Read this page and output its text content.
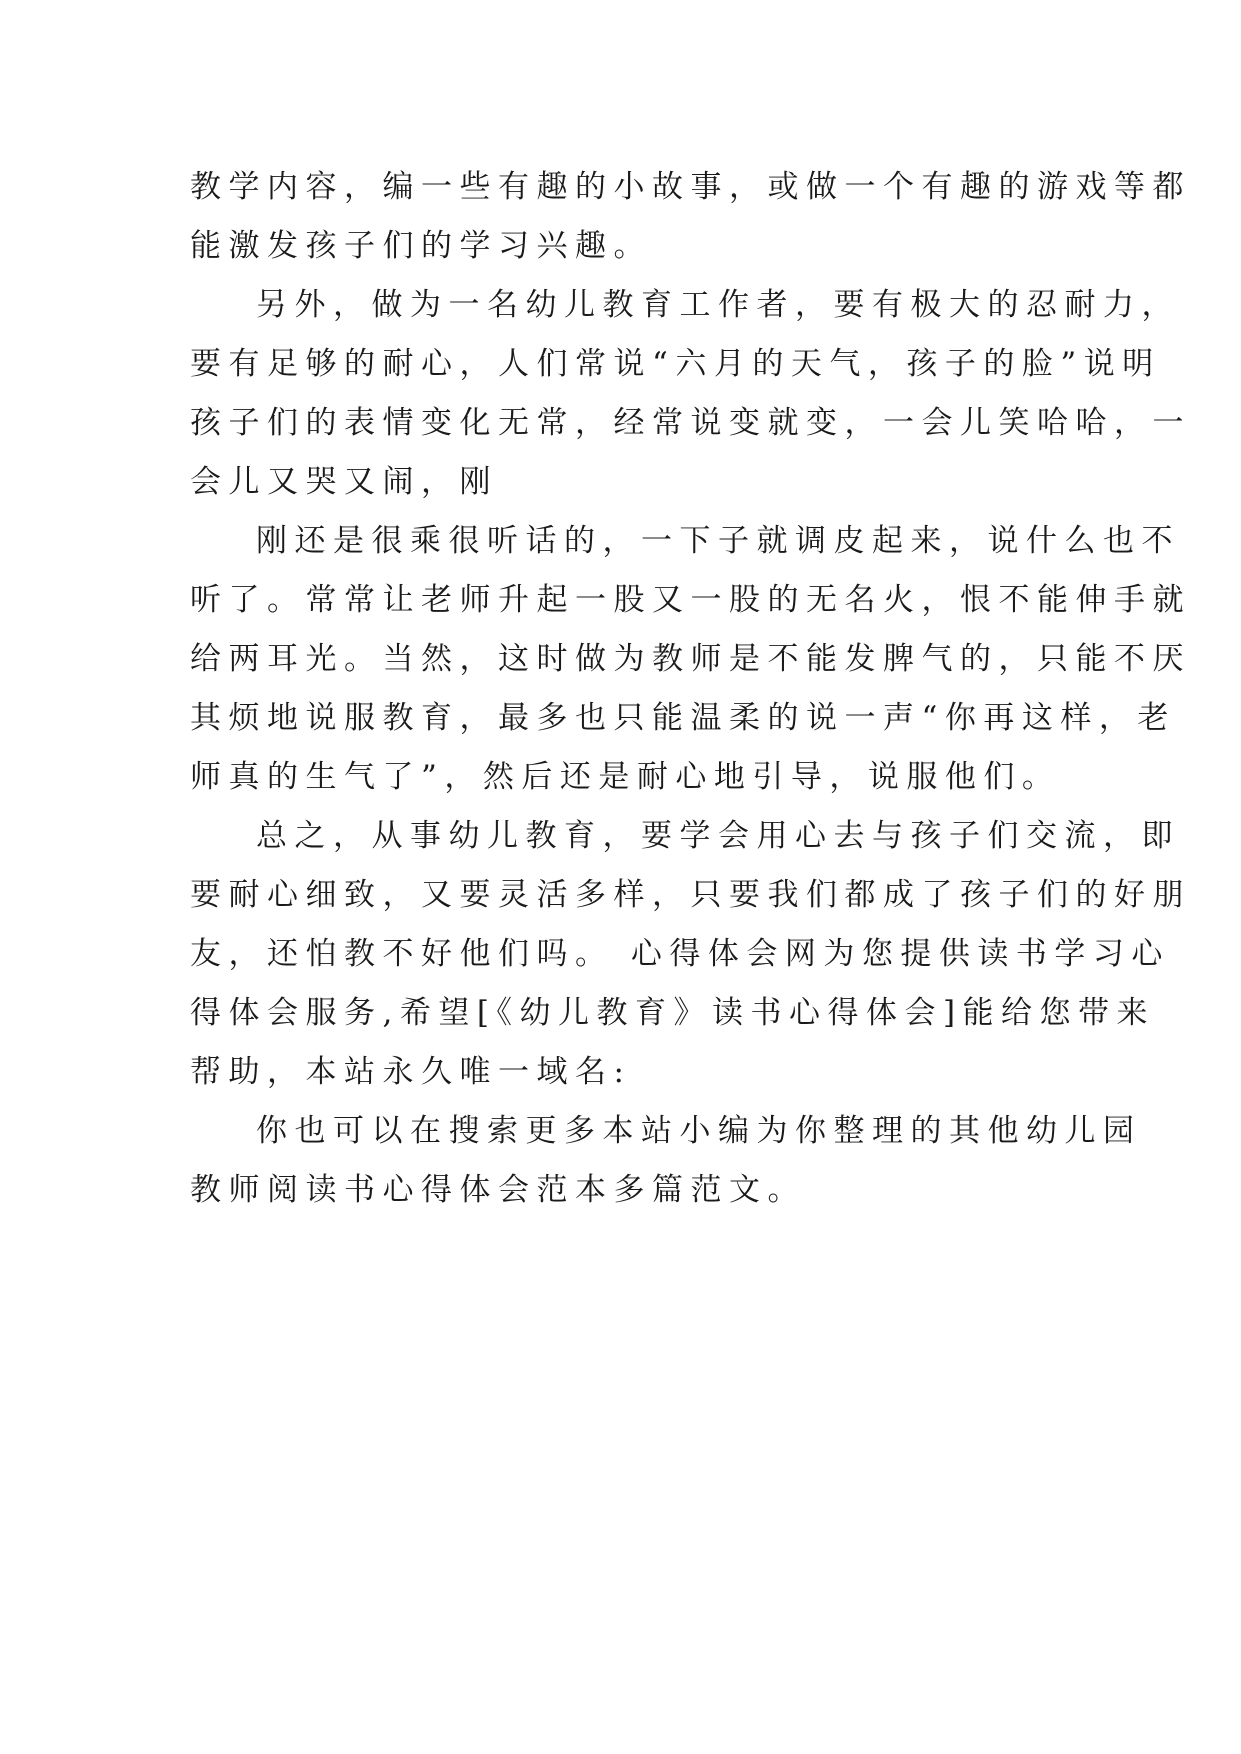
教学内容，编一些有趣的小故事，或做一个有趣的游戏等都
能激发孩子们的学习兴趣。
另外，做为一名幼儿教育工作者，要有极大的忍耐力，
要有足够的耐心，人们常说“六月的天气，孩子的脸”说明
孩子们的表情变化无常，经常说变就变，一会儿笑哈哈，一
会儿又哭又闹，刚
刚还是很乘很听话的，一下子就调皮起来，说什么也不
听了。常常让老师升起一股又一股的无名火，恨不能伸手就
给两耳光。当然，这时做为教师是不能发脾气的，只能不厌
其烦地说服教育，最多也只能温柔的说一声“你再这样，老
师真的生气了”，然后还是耐心地引导，说服他们。
总之，从事幼儿教育，要学会用心去与孩子们交流，即
要耐心细致，又要灵活多样，只要我们都成了孩子们的好朋
友，还怕教不好他们吗。 心得体会网为您提供读书学习心
得体会服务,希望[《幼儿教育》读书心得体会]能给您带来
帮助，本站永久唯一域名:
你也可以在搜索更多本站小编为你整理的其他幼儿园
教师阅读书心得体会范本多篇范文。
